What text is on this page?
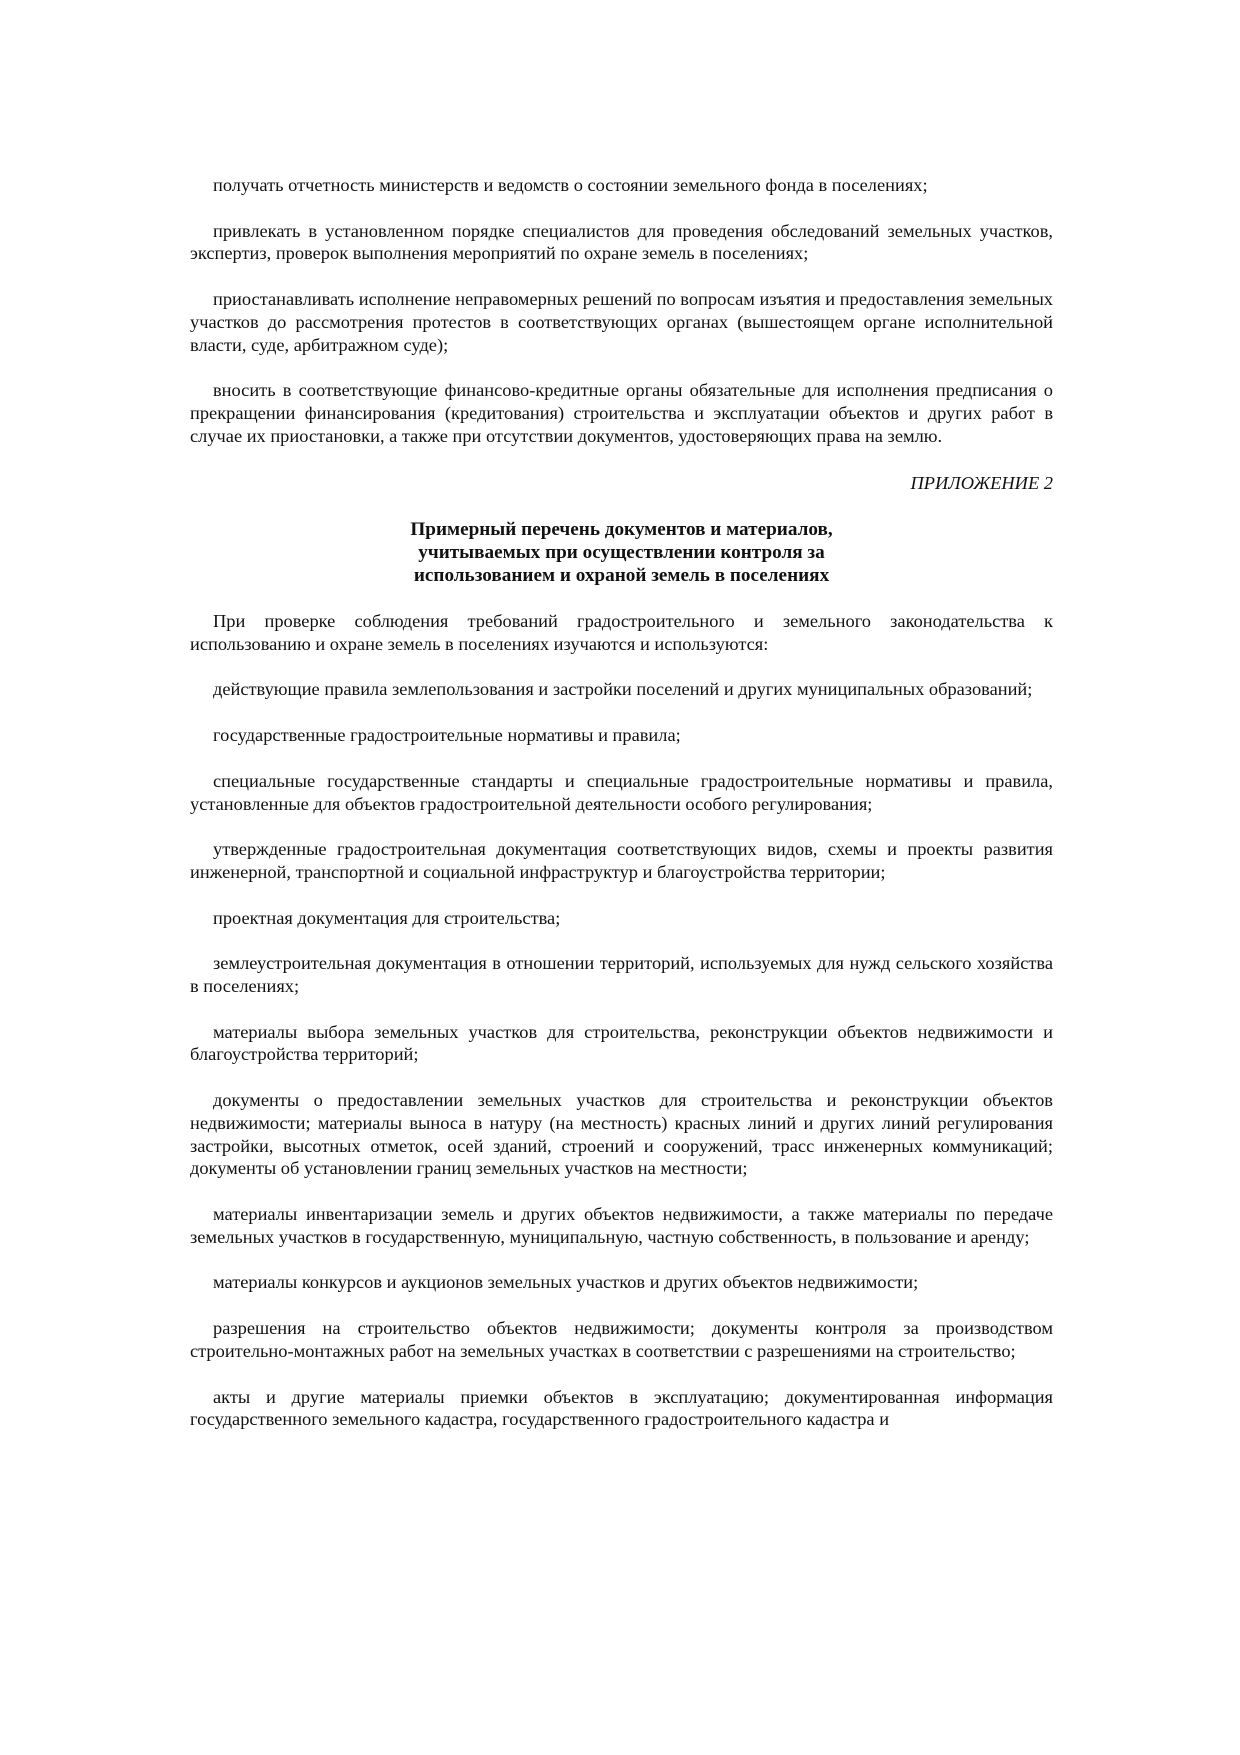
получать отчетность министерств и ведомств о состоянии земельного фонда в поселениях;

привлекать в установленном порядке специалистов для проведения обследований земельных участков, экспертиз, проверок выполнения мероприятий по охране земель в поселениях;

приостанавливать исполнение неправомерных решений по вопросам изъятия и предоставления земельных участков до рассмотрения протестов в соответствующих органах (вышестоящем органе исполнительной власти, суде, арбитражном суде);

вносить в соответствующие финансово-кредитные органы обязательные для исполнения предписания о прекращении финансирования (кредитования) строительства и эксплуатации объектов и других работ в случае их приостановки, а также при отсутствии документов, удостоверяющих права на землю.

ПРИЛОЖЕНИЕ 2

Примерный перечень документов и материалов,
учитываемых при осуществлении контроля за
использованием и охраной земель в поселениях

При проверке соблюдения требований градостроительного и земельного законодательства к использованию и охране земель в поселениях изучаются и используются:

действующие правила землепользования и застройки поселений и других муниципальных образований;

государственные градостроительные нормативы и правила;

специальные государственные стандарты и специальные градостроительные нормативы и правила, установленные для объектов градостроительной деятельности особого регулирования;

утвержденные градостроительная документация соответствующих видов, схемы и проекты развития инженерной, транспортной и социальной инфраструктур и благоустройства территории;

проектная документация для строительства;

землеустроительная документация в отношении территорий, используемых для нужд сельского хозяйства в поселениях;

материалы выбора земельных участков для строительства, реконструкции объектов недвижимости и благоустройства территорий;

документы о предоставлении земельных участков для строительства и реконструкции объектов недвижимости; материалы выноса в натуру (на местность) красных линий и других линий регулирования застройки, высотных отметок, осей зданий, строений и сооружений, трасс инженерных коммуникаций; документы об установлении границ земельных участков на местности;

материалы инвентаризации земель и других объектов недвижимости, а также материалы по передаче земельных участков в государственную, муниципальную, частную собственность, в пользование и аренду;

материалы конкурсов и аукционов земельных участков и других объектов недвижимости;

разрешения на строительство объектов недвижимости; документы контроля за производством строительно-монтажных работ на земельных участках в соответствии с разрешениями на строительство;

акты и другие материалы приемки объектов в эксплуатацию; документированная информация государственного земельного кадастра, государственного градостроительного кадастра и
